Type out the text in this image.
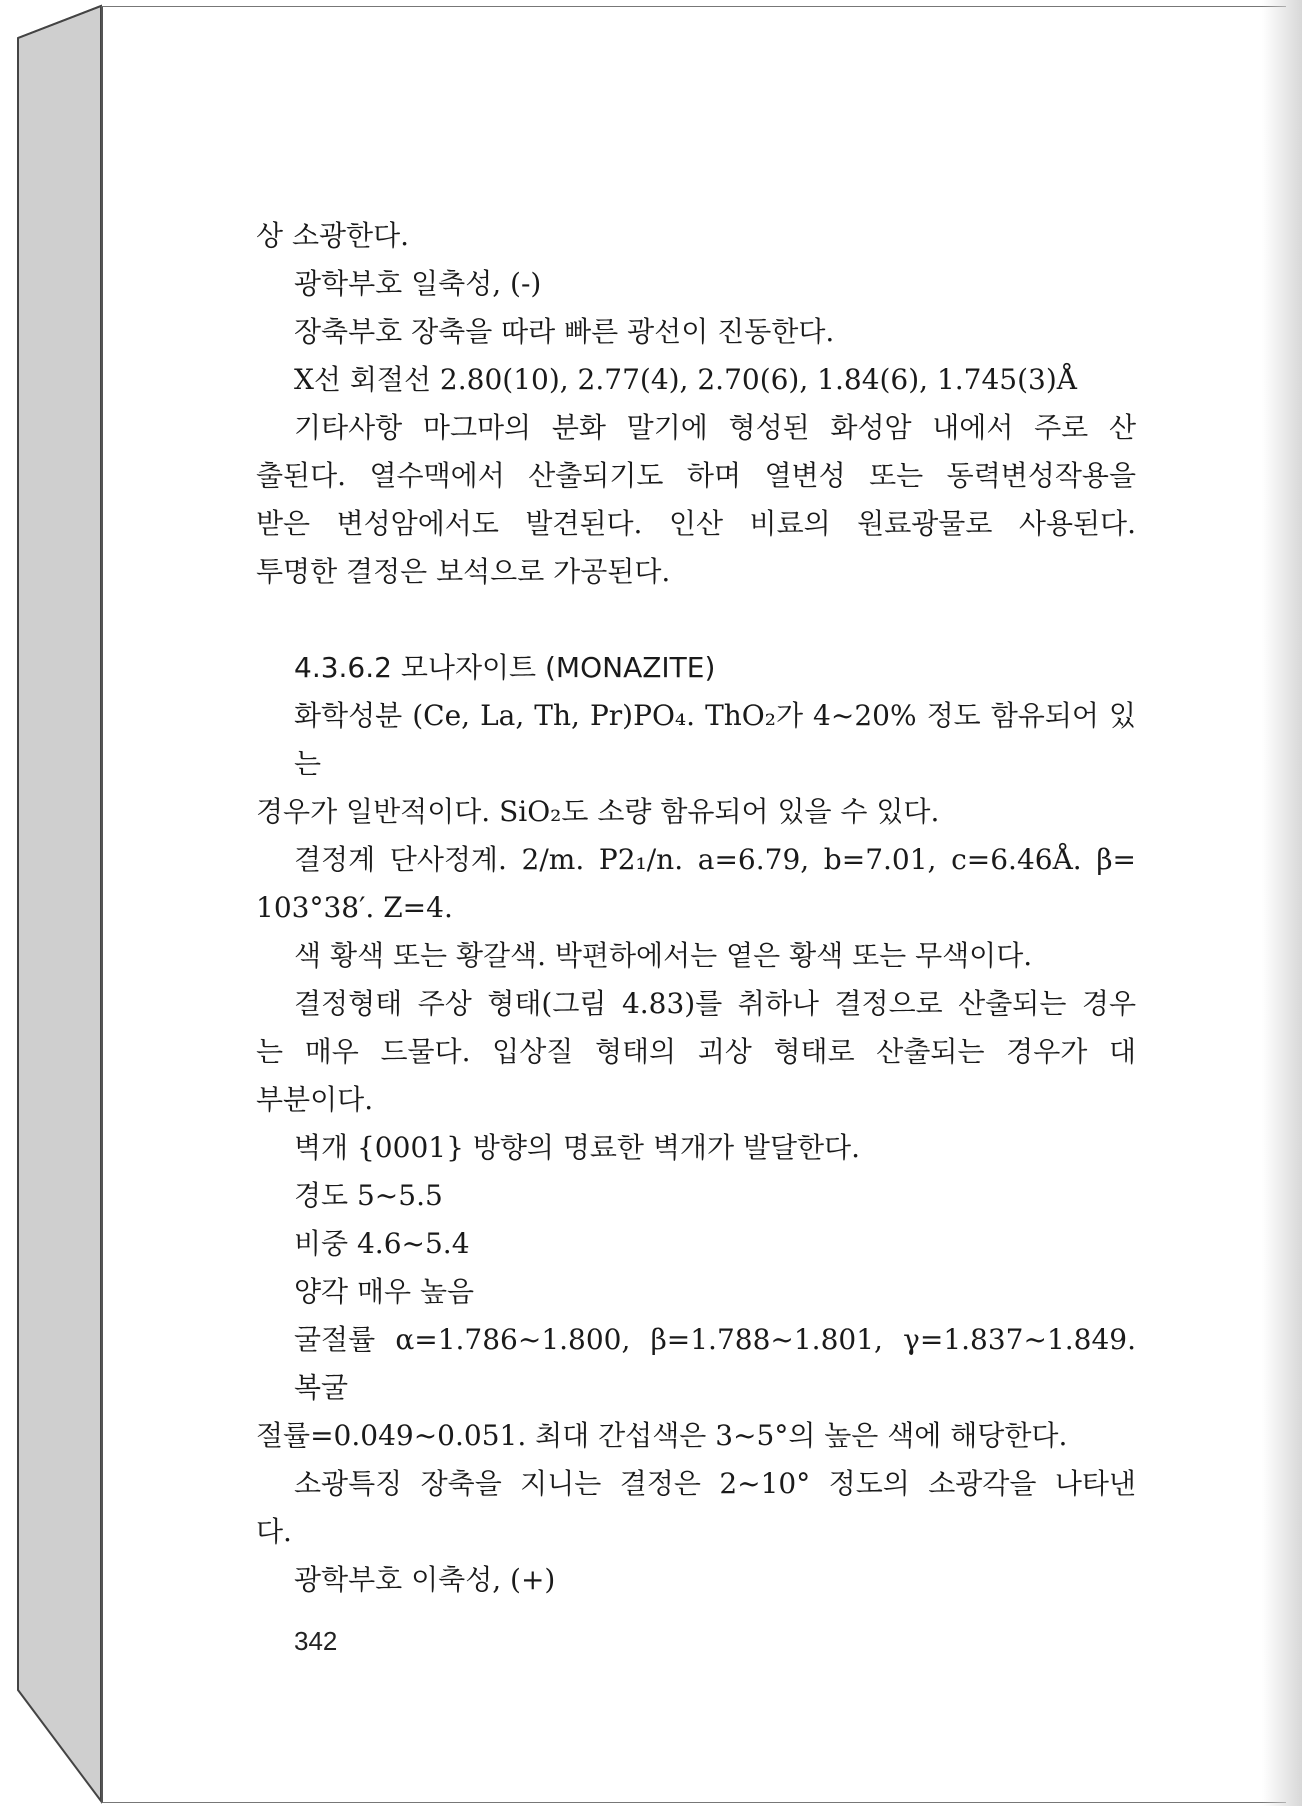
상 소광한다.

광학부호 일축성, (-)

장축부호 장축을 따라 빠른 광선이 진동한다.

X선 회절선 2.80(10), 2.77(4), 2.70(6), 1.84(6), 1.745(3)Å

기타사항 마그마의 분화 말기에 형성된 화성암 내에서 주로 산

출된다. 열수맥에서 산출되기도 하며 열변성 또는 동력변성작용을

받은 변성암에서도 발견된다. 인산 비료의 원료광물로 사용된다.

투명한 결정은 보석으로 가공된다.

4.3.6.2 모나자이트 (MONAZITE)

화학성분 (Ce, La, Th, Pr)PO₄. ThO₂가 4~20% 정도 함유되어 있는

경우가 일반적이다. SiO₂도 소량 함유되어 있을 수 있다.

결정계 단사정계. 2/m. P2₁/n. a=6.79, b=7.01, c=6.46Å. β=

103°38′. Z=4.

색 황색 또는 황갈색. 박편하에서는 옅은 황색 또는 무색이다.

결정형태 주상 형태(그림 4.83)를 취하나 결정으로 산출되는 경우

는 매우 드물다. 입상질 형태의 괴상 형태로 산출되는 경우가 대

부분이다.

벽개 {0001} 방향의 명료한 벽개가 발달한다.

경도 5~5.5

비중 4.6~5.4

양각 매우 높음

굴절률 α=1.786~1.800, β=1.788~1.801, γ=1.837~1.849. 복굴

절률=0.049~0.051. 최대 간섭색은 3~5°의 높은 색에 해당한다.

소광특징 장축을 지니는 결정은 2~10° 정도의 소광각을 나타낸

다.

광학부호 이축성, (+)

342
